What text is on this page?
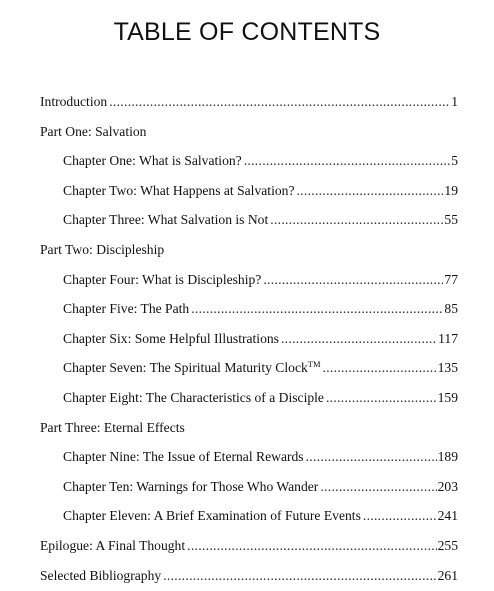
TABLE OF CONTENTS
Introduction .....	1
Part One: Salvation
Chapter One: What is Salvation? .....	5
Chapter Two: What Happens at Salvation? .....	19
Chapter Three: What Salvation is Not .....	55
Part Two: Discipleship
Chapter Four: What is Discipleship? .....	77
Chapter Five: The Path .....	85
Chapter Six: Some Helpful Illustrations .....	117
Chapter Seven: The Spiritual Maturity Clock™ .....	135
Chapter Eight: The Characteristics of a Disciple .....	159
Part Three: Eternal Effects
Chapter Nine: The Issue of Eternal Rewards .....	189
Chapter Ten: Warnings for Those Who Wander .....	203
Chapter Eleven: A Brief Examination of Future Events .....	241
Epilogue: A Final Thought .....	255
Selected Bibliography .....	261
